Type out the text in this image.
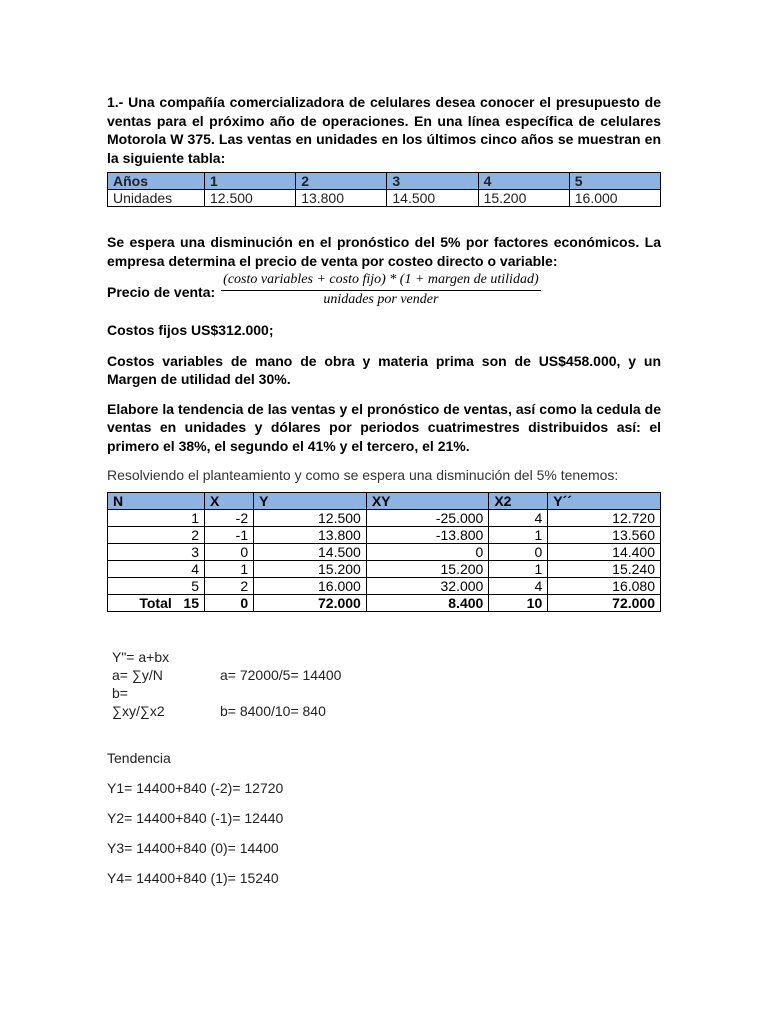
1.- Una compañía comercializadora de celulares desea conocer el presupuesto de ventas para el próximo año de operaciones. En una línea específica de celulares Motorola W 375. Las ventas en unidades en los últimos cinco años se muestran en la siguiente tabla:

Años	1	2	3	4	5
Unidades	12.500	13.800	14.500	15.200	16.000

Se espera una disminución en el pronóstico del 5% por factores económicos. La empresa determina el precio de venta por costeo directo o variable:

Precio de venta: $\frac{\text{(costo variables + costo fijo) * (1 + margen de utilidad)}}{\text{unidades por vender}}$

Costos fijos US$312.000;

Costos variables de mano de obra y materia prima son de US$458.000, y un Margen de utilidad del 30%.

Elabore la tendencia de las ventas y el pronóstico de ventas, así como la cedula de ventas en unidades y dólares por periodos cuatrimestres distribuidos así: el primero el 38%, el segundo el 41% y el tercero, el 21%.

Resolviendo el planteamiento y como se espera una disminución del 5% tenemos:

N	X	Y	XY	X2	Y´´
1	-2	12.500	-25.000	4	12.720
2	-1	13.800	-13.800	1	13.560
3	0	14.500	0	0	14.400
4	1	15.200	15.200	1	15.240
5	2	16.000	32.000	4	16.080
Total   15	0	72.000	8.400	10	72.000
Y"= a+bx
a= ∑y/N	a= 72000/5= 14400
b=
∑xy/∑x2	b= 8400/10= 840
Tendencia
Y1= 14400+840 (-2)= 12720
Y2= 14400+840 (-1)= 12440
Y3= 14400+840 (0)= 14400
Y4= 14400+840 (1)= 15240
